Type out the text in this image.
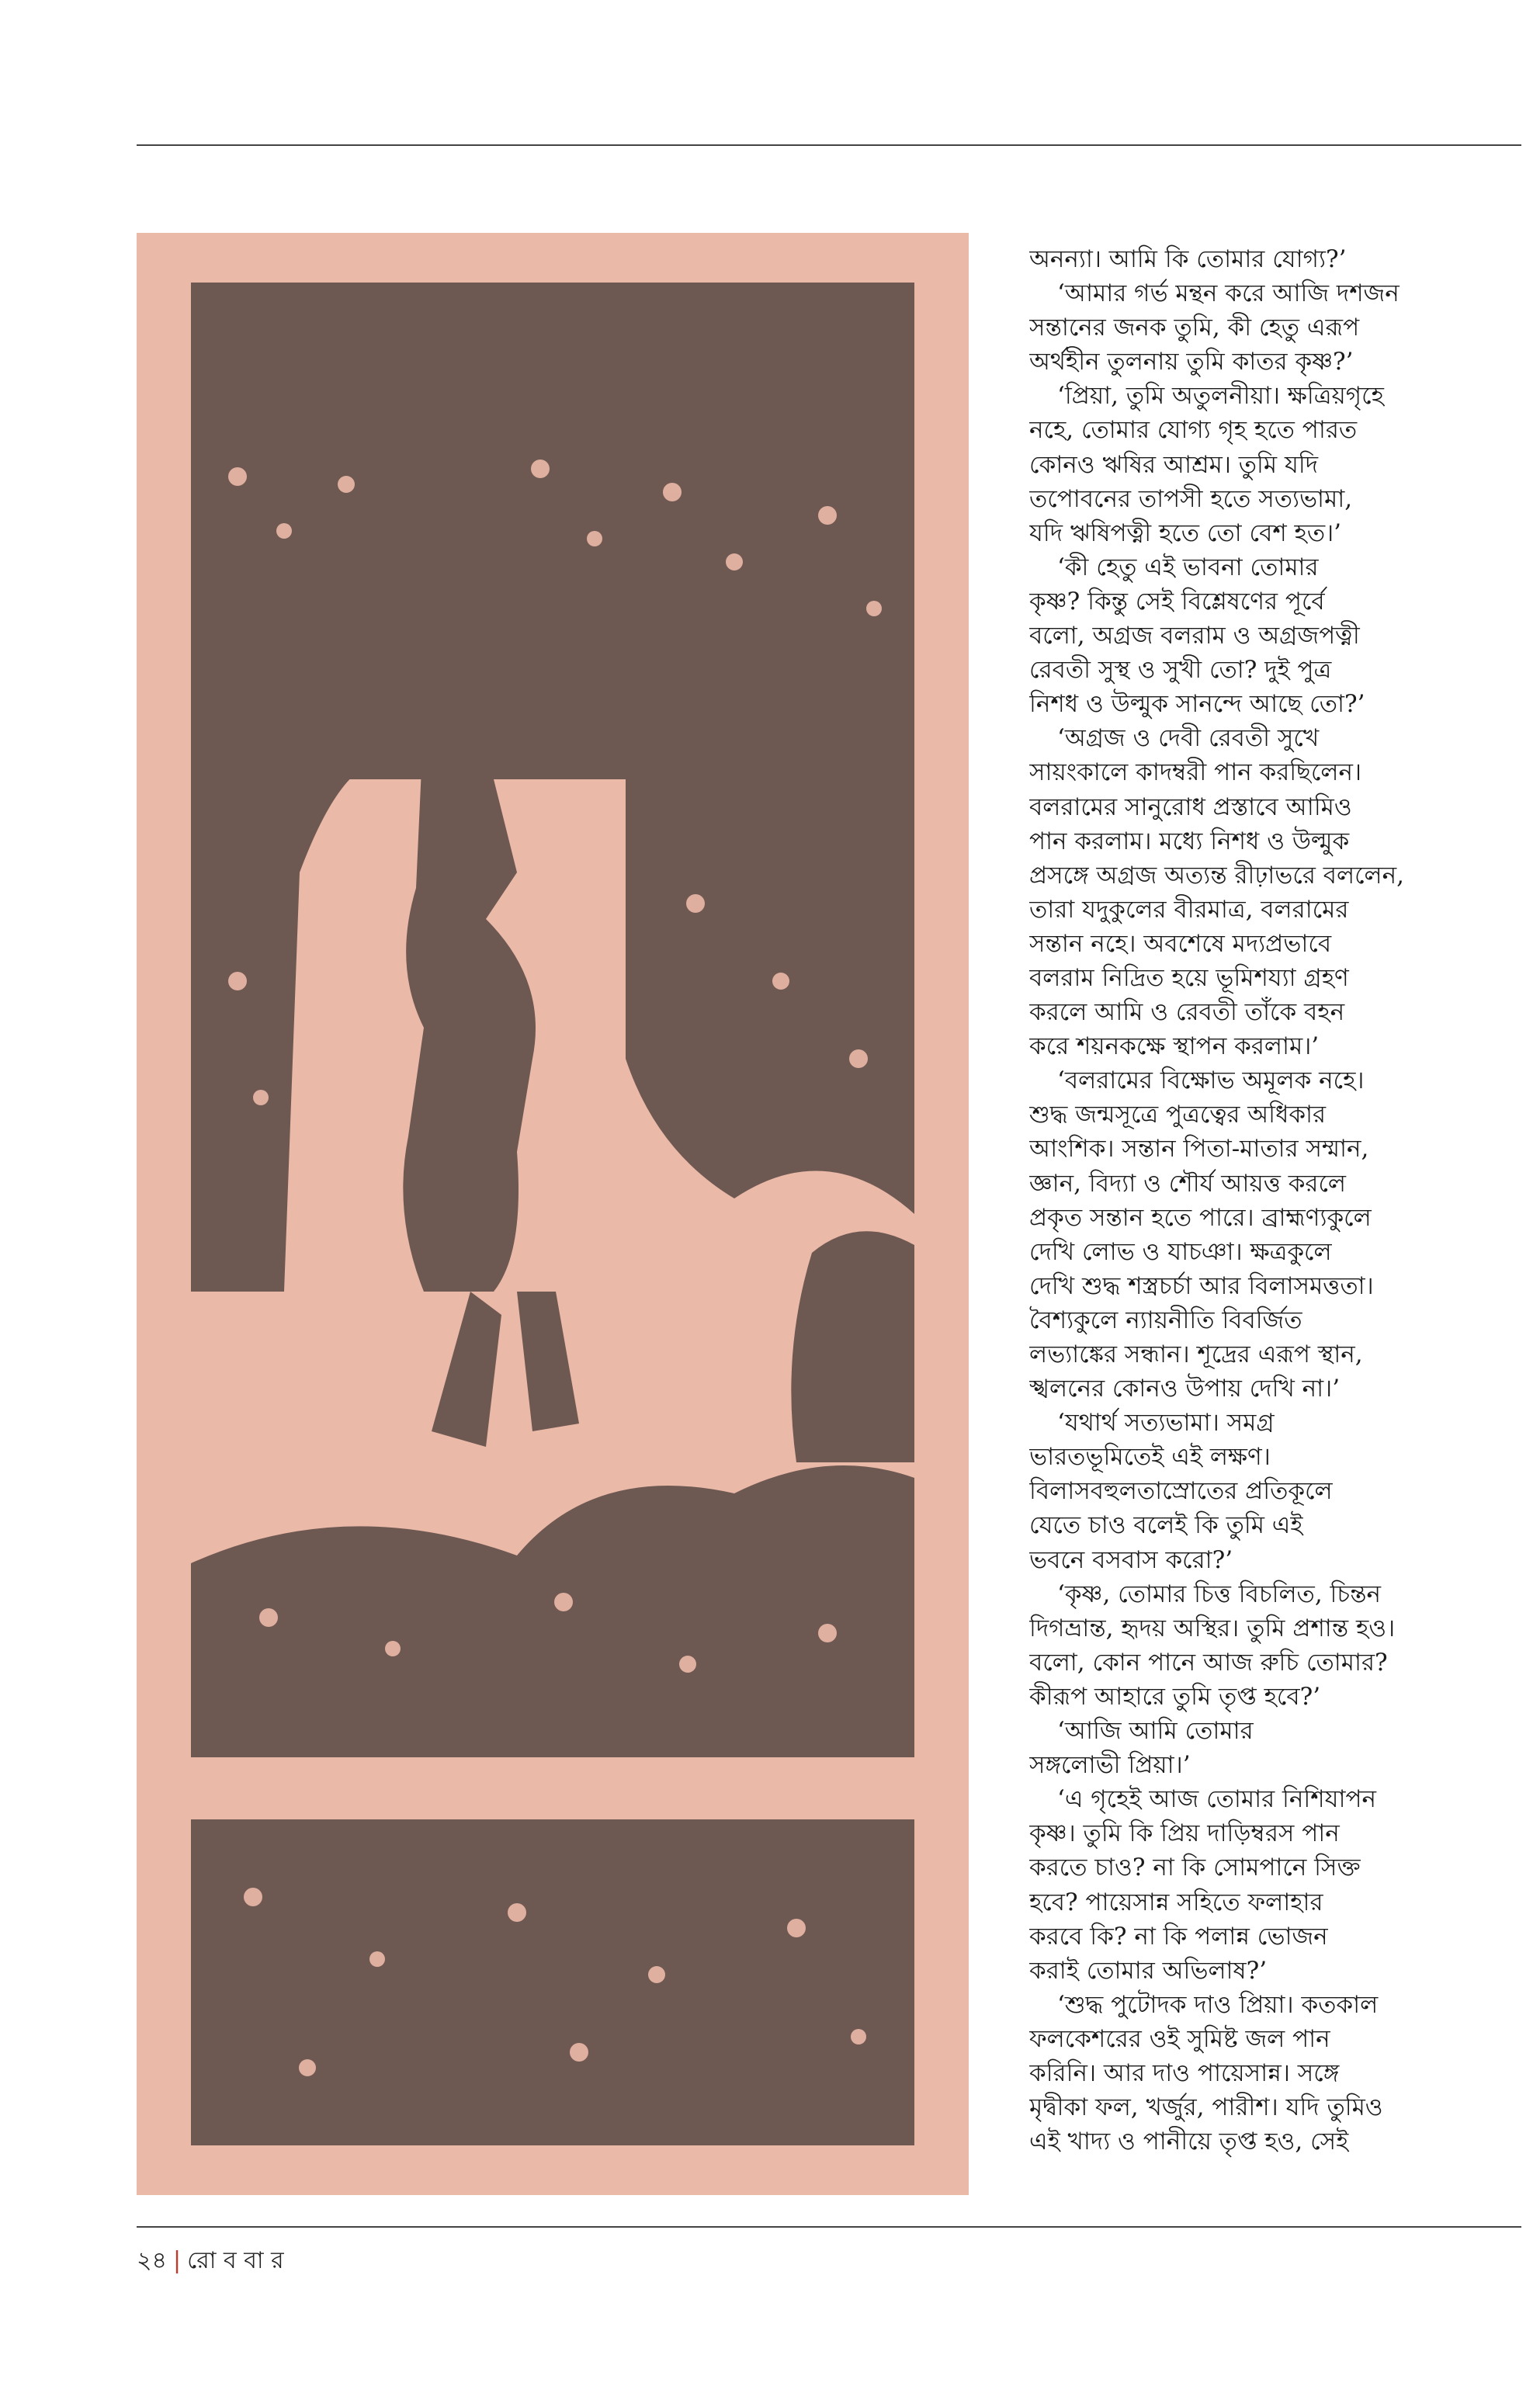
অনন্যা। আমি কি তোমার যোগ্য?’
‘আমার গর্ভ মন্থন করে আজি দশজন
সন্তানের জনক তুমি, কী হেতু এরূপ
অর্থহীন তুলনায় তুমি কাতর কৃষ্ণ?’
‘প্রিয়া, তুমি অতুলনীয়া। ক্ষত্রিয়গৃহে
নহে, তোমার যোগ্য গৃহ হতে পারত
কোনও ঋষির আশ্রম। তুমি যদি
তপোবনের তাপসী হতে সত্যভামা,
যদি ঋষিপত্নী হতে তো বেশ হত।’
‘কী হেতু এই ভাবনা তোমার
কৃষ্ণ? কিন্তু সেই বিশ্লেষণের পূর্বে
বলো, অগ্রজ বলরাম ও অগ্রজপত্নী
রেবতী সুস্থ ও সুখী তো? দুই পুত্র
নিশধ ও উল্মুক সানন্দে আছে তো?’
‘অগ্রজ ও দেবী রেবতী সুখে
সায়ংকালে কাদম্বরী পান করছিলেন।
বলরামের সানুরোধ প্রস্তাবে আমিও
পান করলাম। মধ্যে নিশধ ও উল্মুক
প্রসঙ্গে অগ্রজ অত্যন্ত রীঢ়াভরে বললেন,
তারা যদুকুলের বীরমাত্র, বলরামের
সন্তান নহে। অবশেষে মদ্যপ্রভাবে
বলরাম নিদ্রিত হয়ে ভূমিশয্যা গ্রহণ
করলে আমি ও রেবতী তাঁকে বহন
করে শয়নকক্ষে স্থাপন করলাম।’
‘বলরামের বিক্ষোভ অমূলক নহে।
শুদ্ধ জন্মসূত্রে পুত্রত্বের অধিকার
আংশিক। সন্তান পিতা-মাতার সম্মান,
জ্ঞান, বিদ্যা ও শৌর্য আয়ত্ত করলে
প্রকৃত সন্তান হতে পারে। ব্রাহ্মণ্যকুলে
দেখি লোভ ও যাচঞা। ক্ষত্রকুলে
দেখি শুদ্ধ শস্ত্রচর্চা আর বিলাসমত্ততা।
বৈশ্যকুলে ন্যায়নীতি বিবর্জিত
লভ্যাঙ্কের সন্ধান। শূদ্রের এরূপ স্থান,
স্খলনের কোনও উপায় দেখি না।’
‘যথার্থ সত্যভামা। সমগ্র
ভারতভূমিতেই এই লক্ষণ।
বিলাসবহুলতাস্রোতের প্রতিকূলে
যেতে চাও বলেই কি তুমি এই
ভবনে বসবাস করো?’
‘কৃষ্ণ, তোমার চিত্ত বিচলিত, চিন্তন
দিগভ্রান্ত, হৃদয় অস্থির। তুমি প্রশান্ত হও।
বলো, কোন পানে আজ রুচি তোমার?
কীরূপ আহারে তুমি তৃপ্ত হবে?’
‘আজি আমি তোমার
সঙ্গলোভী প্রিয়া।’
‘এ গৃহেই আজ তোমার নিশিযাপন
কৃষ্ণ। তুমি কি প্রিয় দাড়িম্বরস পান
করতে চাও? না কি সোমপানে সিক্ত
হবে? পায়েসান্ন সহিতে ফলাহার
করবে কি? না কি পলান্ন ভোজন
করাই তোমার অভিলাষ?’
‘শুদ্ধ পুটোদক দাও প্রিয়া। কতকাল
ফলকেশরের ওই সুমিষ্ট জল পান
করিনি। আর দাও পায়েসান্ন। সঙ্গে
মৃদ্বীকা ফল, খর্জুর, পারীশ। যদি তুমিও
এই খাদ্য ও পানীয়ে তৃপ্ত হও, সেই
২৪ | রো ব বা র
